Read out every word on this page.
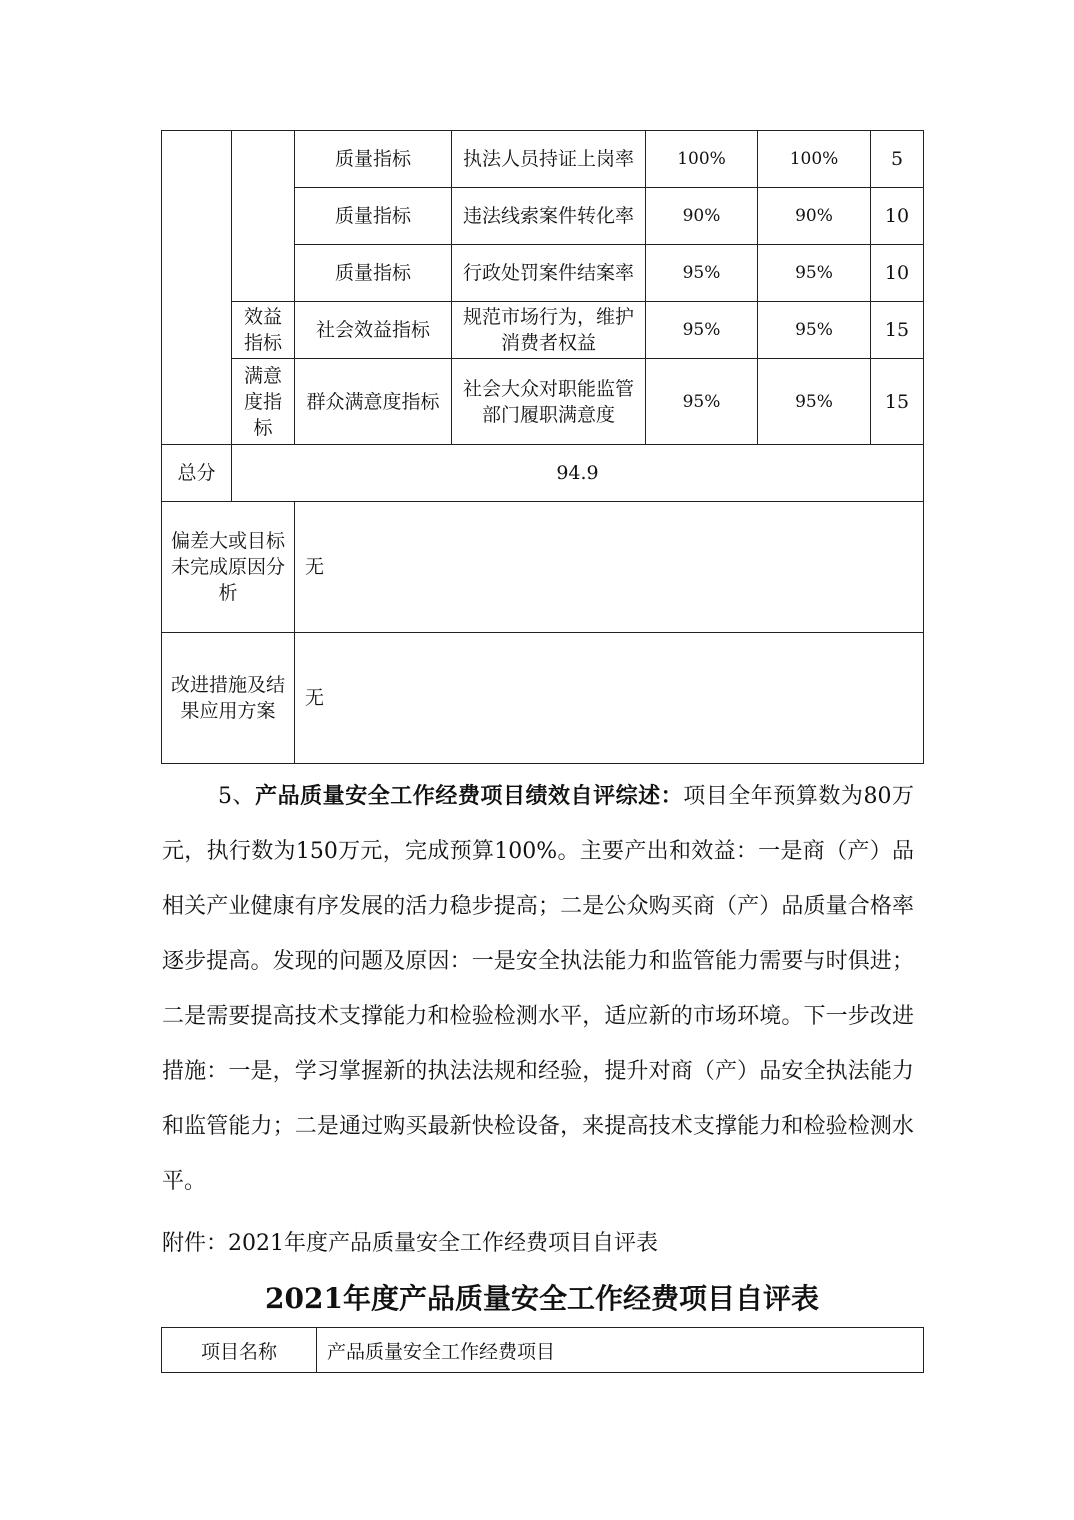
		质量指标	执法人员持证上岗率	100%	100%	5
		质量指标	违法线索案件转化率	90%	90%	10
		质量指标	行政处罚案件结案率	95%	95%	10
	效益指标	社会效益指标	规范市场行为，维护消费者权益	95%	95%	15
	满意度指标	群众满意度指标	社会大众对职能监管部门履职满意度	95%	95%	15
总分	94.9					
偏差大或目标未完成原因分析		无				
改进措施及结果应用方案		无				

5、产品质量安全工作经费项目绩效自评综述：项目全年预算数为80万元，执行数为150万元，完成预算100%。主要产出和效益：一是商（产）品相关产业健康有序发展的活力稳步提高；二是公众购买商（产）品质量合格率逐步提高。发现的问题及原因：一是安全执法能力和监管能力需要与时俱进；二是需要提高技术支撑能力和检验检测水平，适应新的市场环境。下一步改进措施：一是，学习掌握新的执法法规和经验，提升对商（产）品安全执法能力和监管能力；二是通过购买最新快检设备，来提高技术支撑能力和检验检测水平。

附件：2021年度产品质量安全工作经费项目自评表
2021年度产品质量安全工作经费项目自评表
项目名称	产品质量安全工作经费项目
